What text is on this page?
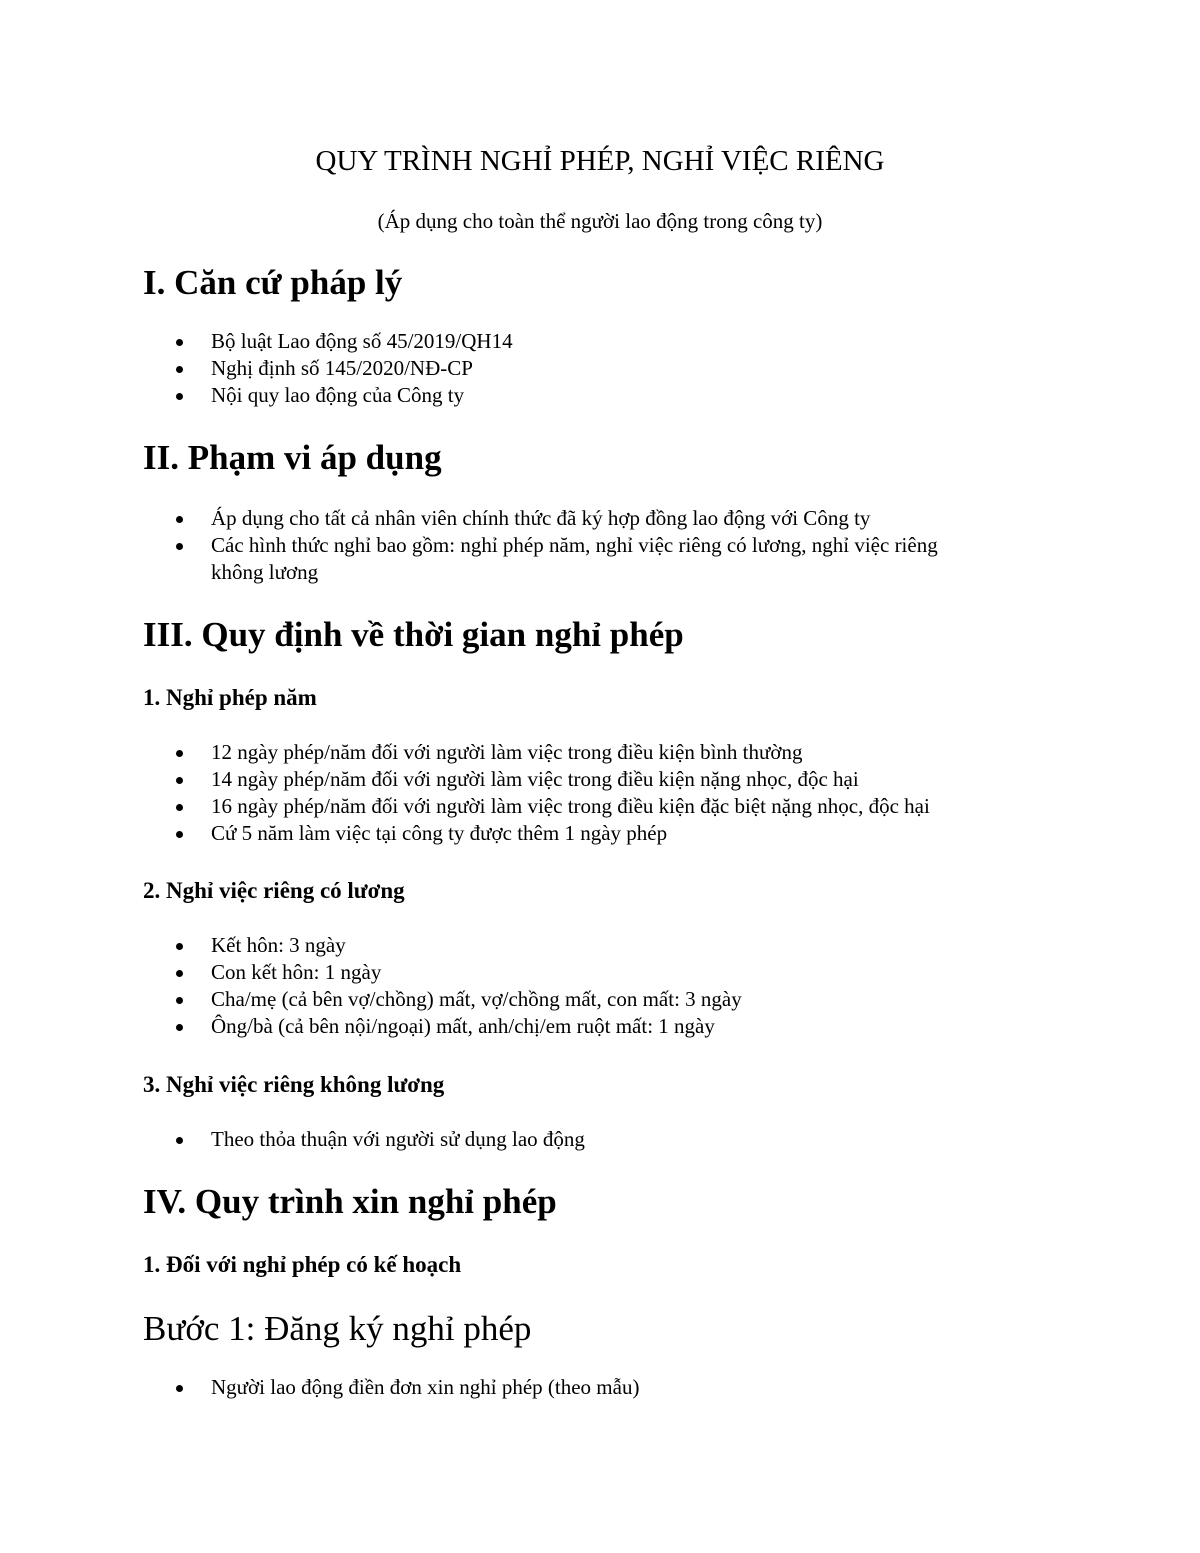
QUY TRÌNH NGHỈ PHÉP, NGHỈ VIỆC RIÊNG

(Áp dụng cho toàn thể người lao động trong công ty)

I. Căn cứ pháp lý

Bộ luật Lao động số 45/2019/QH14

Nghị định số 145/2020/NĐ-CP

Nội quy lao động của Công ty

II. Phạm vi áp dụng

Áp dụng cho tất cả nhân viên chính thức đã ký hợp đồng lao động với Công ty

Các hình thức nghỉ bao gồm: nghỉ phép năm, nghỉ việc riêng có lương, nghỉ việc riêng

không lương

III. Quy định về thời gian nghỉ phép
1. Nghỉ phép năm

12 ngày phép/năm đối với người làm việc trong điều kiện bình thường

14 ngày phép/năm đối với người làm việc trong điều kiện nặng nhọc, độc hại

16 ngày phép/năm đối với người làm việc trong điều kiện đặc biệt nặng nhọc, độc hại

Cứ 5 năm làm việc tại công ty được thêm 1 ngày phép

2. Nghỉ việc riêng có lương

Kết hôn: 3 ngày

Con kết hôn: 1 ngày

Cha/mẹ (cả bên vợ/chồng) mất, vợ/chồng mất, con mất: 3 ngày

Ông/bà (cả bên nội/ngoại) mất, anh/chị/em ruột mất: 1 ngày

3. Nghỉ việc riêng không lương

Theo thỏa thuận với người sử dụng lao động

IV. Quy trình xin nghỉ phép
1. Đối với nghỉ phép có kế hoạch
Bước 1: Đăng ký nghỉ phép

Người lao động điền đơn xin nghỉ phép (theo mẫu)
